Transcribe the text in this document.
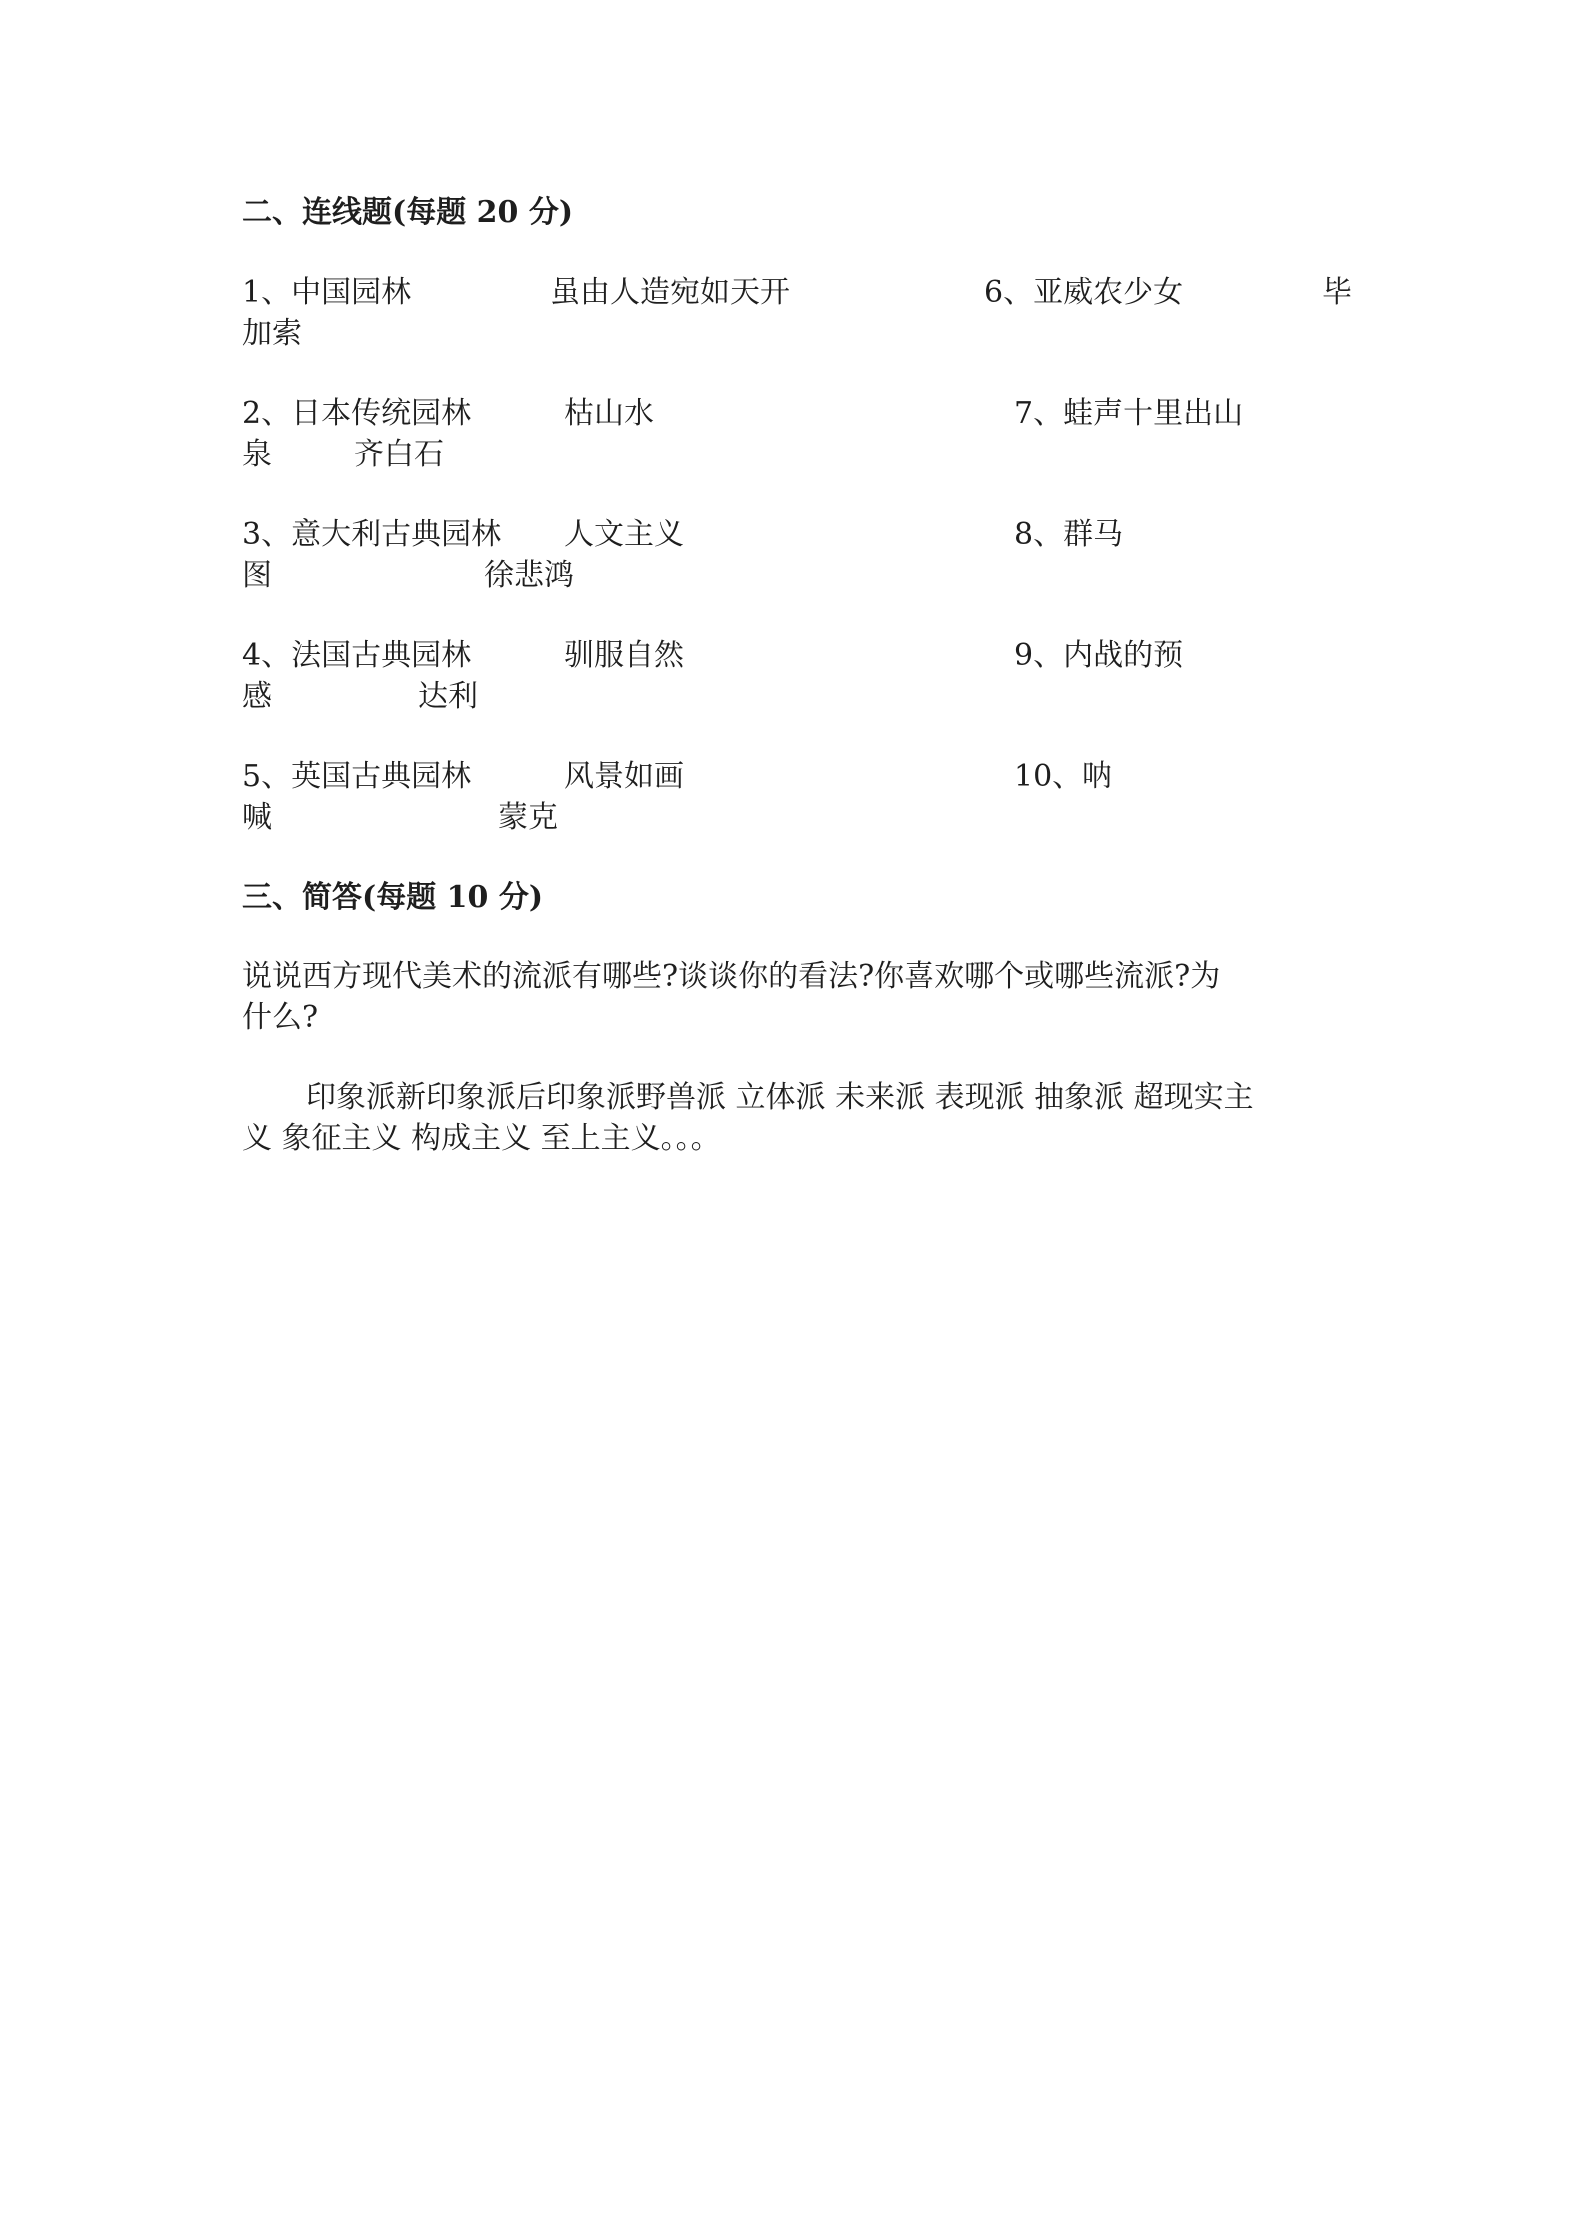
二、连线题(每题 20 分)
1、中国园林	虽由人造宛如天开	6、亚威农少女	毕
加索
2、日本传统园林	枯山水	7、蛙声十里出山
泉	齐白石
3、意大利古典园林 人文主义	8、群马
图	徐悲鸿
4、法国古典园林	驯服自然	9、内战的预
感	达利
5、英国古典园林	风景如画	10、呐
喊	蒙克
三、简答(每题 10 分)
说说西方现代美术的流派有哪些?谈谈你的看法?你喜欢哪个或哪些流派?为
什么?
印象派新印象派后印象派野兽派 立体派 未来派 表现派 抽象派 超现实主
义 象征主义 构成主义 至上主义。。。
